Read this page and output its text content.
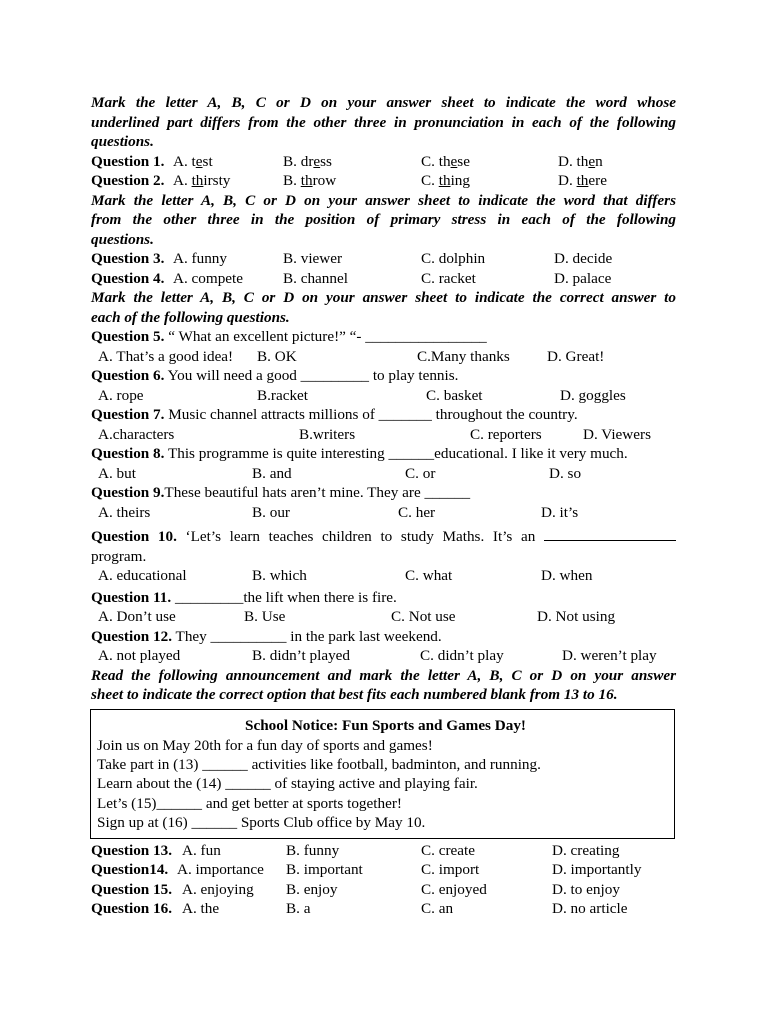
Mark the letter A, B, C or D on your answer sheet to indicate the word whose
underlined part differs from the other three in pronunciation in each of the following
questions.
Question 1. A. test	B. dress	C. these	D. then
Question 2. A. thirsty	B. throw	C. thing	D. there
Mark the letter A, B, C or D on your answer sheet to indicate the word that differs
from the other three in the position of primary stress in each of the following
questions.
Question 3. A. funny	B. viewer	C. dolphin	D. decide
Question 4. A. compete	B. channel	C. racket	D. palace
Mark the letter A, B, C or D on your answer sheet to indicate the correct answer to
each of the following questions.
Question 5. “ What an excellent picture!” “- ________________
A. That’s a good idea! B. OK	C.Many thanks D. Great!
Question 6. You will need a good _________ to play tennis.
A. rope	B.racket	C. basket	D. goggles
Question 7. Music channel attracts millions of _______ throughout the country.
A.characters	B.writers	C. reporters	D. Viewers
Question 8. This programme is quite interesting ______educational. I like it very much.
A. but	B. and	C. or	D. so
Question 9.These beautiful hats aren’t mine. They are ______
A. theirs	B. our	C. her	D. it’s
Question 10. ‘Let’s learn teaches children to study Maths. It’s an
program.
A. educational	B. which	C. what	D. when
Question 11. _________the lift when there is fire.
A. Don’t use	B. Use	C. Not use	D. Not using
Question 12. They __________ in the park last weekend.
A. not played	B. didn’t played	C. didn’t play	D. weren’t play
Read the following announcement and mark the letter A, B, C or D on your answer
sheet to indicate the correct option that best fits each numbered blank from 13 to 16.
School Notice: Fun Sports and Games Day!
Join us on May 20th for a fun day of sports and games!
Take part in (13) ______ activities like football, badminton, and running.
Learn about the (14) ______ of staying active and playing fair.
Let’s (15)______ and get better at sports together!
Sign up at (16) ______ Sports Club office by May 10.
Question 13. A. fun	B. funny	C. create	D. creating
Question14. A. importance B. important	C. import	D. importantly
Question 15. A. enjoying B. enjoy	C. enjoyed	D. to enjoy
Question 16. A. the	B. a	C. an	D. no article
